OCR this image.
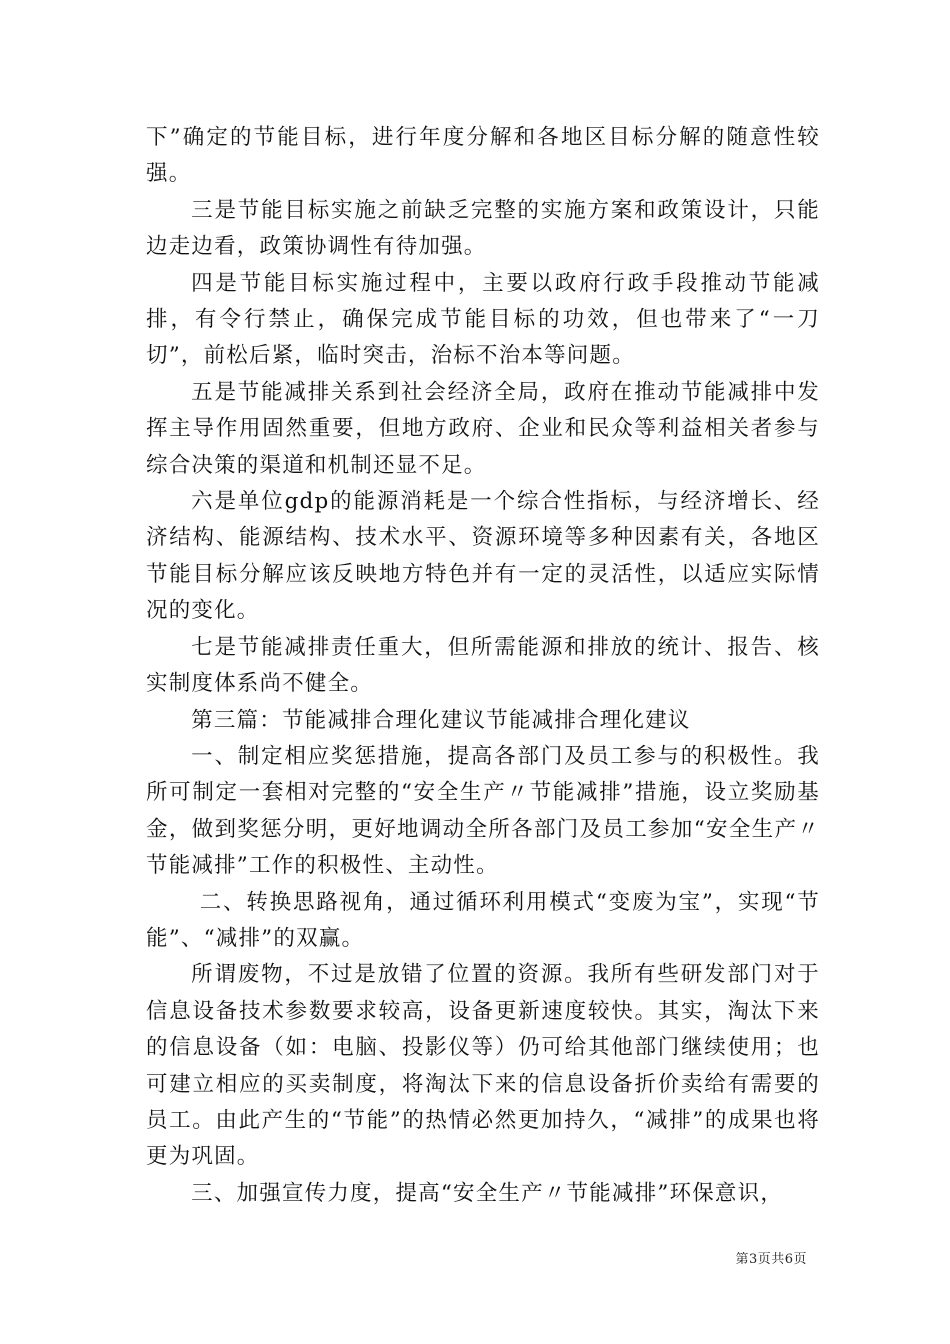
下”确定的节能目标，进行年度分解和各地区目标分解的随意性较强。

三是节能目标实施之前缺乏完整的实施方案和政策设计，只能边走边看，政策协调性有待加强。

四是节能目标实施过程中，主要以政府行政手段推动节能减排，有令行禁止，确保完成节能目标的功效，但也带来了“一刀切”，前松后紧，临时突击，治标不治本等问题。

五是节能减排关系到社会经济全局，政府在推动节能减排中发挥主导作用固然重要，但地方政府、企业和民众等利益相关者参与综合决策的渠道和机制还显不足。

六是单位gdp的能源消耗是一个综合性指标，与经济增长、经济结构、能源结构、技术水平、资源环境等多种因素有关，各地区节能目标分解应该反映地方特色并有一定的灵活性，以适应实际情况的变化。

七是节能减排责任重大，但所需能源和排放的统计、报告、核实制度体系尚不健全。

第三篇：节能减排合理化建议节能减排合理化建议

一、制定相应奖惩措施，提高各部门及员工参与的积极性。我所可制定一套相对完整的“安全生产〃节能减排”措施，设立奖励基金，做到奖惩分明，更好地调动全所各部门及员工参加“安全生产〃节能减排”工作的积极性、主动性。

二、转换思路视角，通过循环利用模式“变废为宝”，实现“节能”、“减排”的双赢。

所谓废物，不过是放错了位置的资源。我所有些研发部门对于信息设备技术参数要求较高，设备更新速度较快。其实，淘汰下来的信息设备（如：电脑、投影仪等）仍可给其他部门继续使用；也可建立相应的买卖制度，将淘汰下来的信息设备折价卖给有需要的员工。由此产生的“节能”的热情必然更加持久，“减排”的成果也将更为巩固。

三、加强宣传力度，提高“安全生产〃节能减排”环保意识，

第3页共6页
